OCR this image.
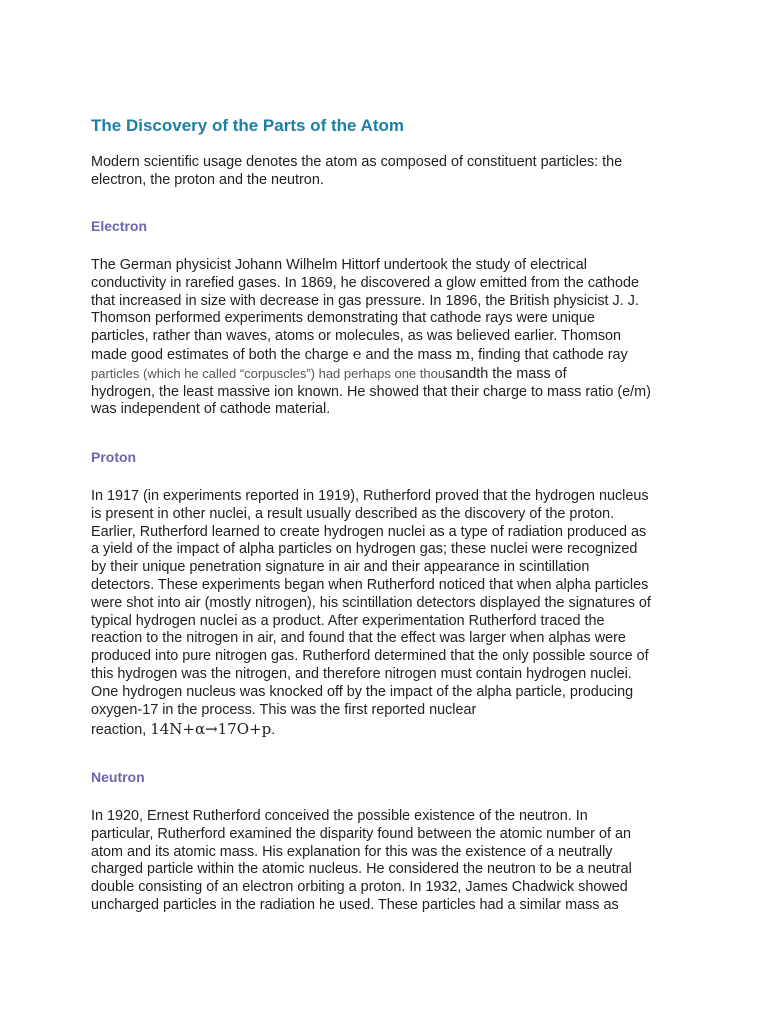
The Discovery of the Parts of the Atom

Modern scientific usage denotes the atom as composed of constituent particles: the
electron, the proton and the neutron.

Electron

The German physicist Johann Wilhelm Hittorf undertook the study of electrical
conductivity in rarefied gases. In 1869, he discovered a glow emitted from the cathode
that increased in size with decrease in gas pressure. In 1896, the British physicist J. J.
Thomson performed experiments demonstrating that cathode rays were unique
particles, rather than waves, atoms or molecules, as was believed earlier. Thomson
made good estimates of both the charge e and the mass m, finding that cathode ray
particles (which he called “corpuscles”) had perhaps one thousandth the mass of
hydrogen, the least massive ion known. He showed that their charge to mass ratio (e/m)
was independent of cathode material.

Proton

In 1917 (in experiments reported in 1919), Rutherford proved that the hydrogen nucleus
is present in other nuclei, a result usually described as the discovery of the proton.
Earlier, Rutherford learned to create hydrogen nuclei as a type of radiation produced as
a yield of the impact of alpha particles on hydrogen gas; these nuclei were recognized
by their unique penetration signature in air and their appearance in scintillation
detectors. These experiments began when Rutherford noticed that when alpha particles
were shot into air (mostly nitrogen), his scintillation detectors displayed the signatures of
typical hydrogen nuclei as a product. After experimentation Rutherford traced the
reaction to the nitrogen in air, and found that the effect was larger when alphas were
produced into pure nitrogen gas. Rutherford determined that the only possible source of
this hydrogen was the nitrogen, and therefore nitrogen must contain hydrogen nuclei.
One hydrogen nucleus was knocked off by the impact of the alpha particle, producing
oxygen-17 in the process. This was the first reported nuclear
reaction, 14N+α→17O+p.

Neutron

In 1920, Ernest Rutherford conceived the possible existence of the neutron. In
particular, Rutherford examined the disparity found between the atomic number of an
atom and its atomic mass. His explanation for this was the existence of a neutrally
charged particle within the atomic nucleus. He considered the neutron to be a neutral
double consisting of an electron orbiting a proton. In 1932, James Chadwick showed
uncharged particles in the radiation he used. These particles had a similar mass as
